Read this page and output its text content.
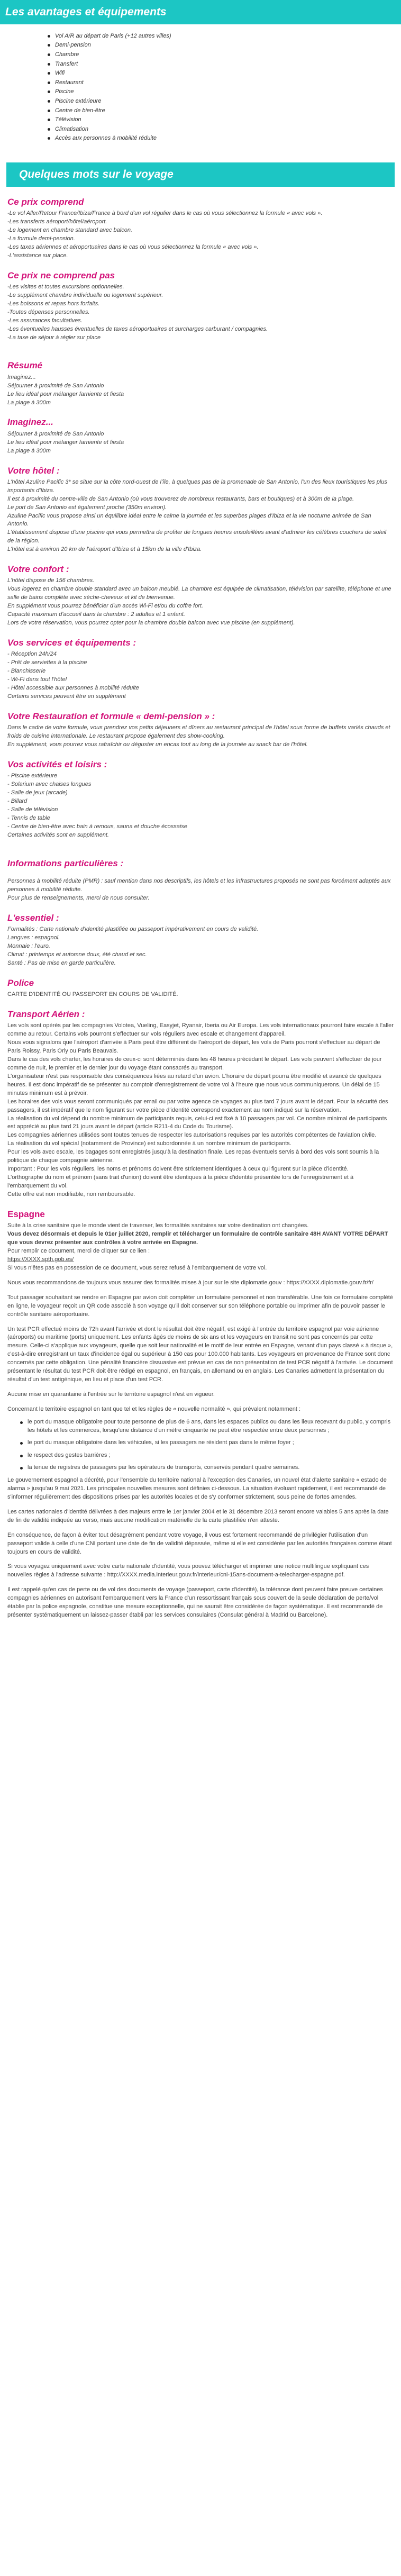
Les avantages et équipements
Vol A/R au départ de Paris (+12 autres villes)
Demi-pension
Chambre
Transfert
Wifi
Restaurant
Piscine
Piscine extérieure
Centre de bien-être
Télévision
Climatisation
Accès aux personnes à mobilité réduite
Quelques mots sur le voyage
Ce prix comprend

-Le vol Aller/Retour France/Ibiza/France à bord d'un vol régulier dans le cas où vous sélectionnez la formule « avec vols ».

-Les transferts aéroport/hôtel/aéroport.

-Le logement en chambre standard avec balcon.

-La formule demi-pension.

-Les taxes aériennes et aéroportuaires dans le cas où vous sélectionnez la formule « avec vols ».

-L'assistance sur place.

Ce prix ne comprend pas

-Les visites et toutes excursions optionnelles.

-Le supplément chambre individuelle ou logement supérieur.

-Les boissons et repas hors forfaits.

-Toutes dépenses personnelles.

-Les assurances facultatives.

-Les éventuelles hausses éventuelles de taxes aéroportuaires et surcharges carburant / compagnies.

-La taxe de séjour à régler sur place

Résumé

Imaginez...

Séjourner à proximité de San Antonio

Le lieu idéal pour mélanger farniente et fiesta

La plage à 300m

Imaginez...

Séjourner à proximité de San Antonio

Le lieu idéal pour mélanger farniente et fiesta

La plage à 300m

Votre hôtel :

L'hôtel Azuline Pacific 3* se situe sur la côte nord-ouest de l'île, à quelques pas de la promenade de San Antonio, l'un des lieux touristiques les plus importants d'Ibiza.

Il est à proximité du centre-ville de San Antonio (où vous trouverez de nombreux restaurants, bars et boutiques) et à 300m de la plage.

Le port de San Antonio est également proche (350m environ).

Azuline Pacific vous propose ainsi un équilibre idéal entre le calme la journée et les superbes plages d'Ibiza et la vie nocturne animée de San Antonio.

L'établissement dispose d'une piscine qui vous permettra de profiter de longues heures ensoleillées avant d'admirer les célèbres couchers de soleil de la région.

L'hôtel est à environ 20 km de l'aéroport d'Ibiza et à 15km de la ville d'Ibiza.

Votre confort :

L'hôtel dispose de 156 chambres.

Vous logerez en chambre double standard avec un balcon meublé. La chambre est équipée de climatisation, télévision par satellite, téléphone et une salle de bains complète avec sèche-cheveux et kit de bienvenue.

En supplément vous pourrez bénéficier d'un accès Wi-Fi et/ou du coffre fort.

Capacité maximum d'accueil dans la chambre : 2 adultes et 1 enfant.

Lors de votre réservation, vous pourrez opter pour la chambre double balcon avec vue piscine (en supplément).

Vos services et équipements :

- Réception 24h/24

- Prêt de serviettes à la piscine

- Blanchisserie

- Wi-Fi dans tout l'hôtel

- Hôtel accessible aux personnes à mobilité réduite

Certains services peuvent être en supplément

Votre Restauration et formule « demi-pension » :

Dans le cadre de votre formule, vous prendrez vos petits déjeuners et dîners au restaurant principal de l'hôtel sous forme de buffets variés chauds et froids de cuisine internationale. Le restaurant propose également des show-cooking.

En supplément, vous pourrez vous rafraîchir ou déguster un encas tout au long de la journée au snack bar de l'hôtel.

Vos activités et loisirs :

- Piscine extérieure

- Solarium avec chaises longues

- Salle de jeux (arcade)

- Billard

- Salle de télévision

- Tennis de table

- Centre de bien-être avec bain à remous, sauna et douche écossaise

Certaines activités sont en supplément.

Informations particulières :

Personnes à mobilité réduite (PMR) : sauf mention dans nos descriptifs, les hôtels et les infrastructures proposés ne sont pas forcément adaptés aux personnes à mobilité réduite.

Pour plus de renseignements, merci de nous consulter.

L'essentiel :

Formalités : Carte nationale d'identité plastifiée ou passeport impérativement en cours de validité.

Langues : espagnol.

Monnaie : l'euro.

Climat : printemps et automne doux, été chaud et sec.

Santé : Pas de mise en garde particulière.

Police

CARTE D'IDENTITÉ OU PASSEPORT EN COURS DE VALIDITÉ.

Transport Aérien :

Les vols sont opérés par les compagnies Volotea, Vueling, Easyjet, Ryanair, Iberia ou Air Europa. Les vols internationaux pourront faire escale à l'aller comme au retour. Certains vols pourront s'effectuer sur vols réguliers avec escale et changement d'appareil.

Nous vous signalons que l'aéroport d'arrivée à Paris peut être différent de l'aéroport de départ, les vols de Paris pourront s'effectuer au départ de Paris Roissy, Paris Orly ou Paris Beauvais.

Dans le cas des vols charter, les horaires de ceux-ci sont déterminés dans les 48 heures précédant le départ. Les vols peuvent s'effectuer de jour comme de nuit, le premier et le dernier jour du voyage étant consacrés au transport.

L'organisateur n'est pas responsable des conséquences liées au retard d'un avion. L'horaire de départ pourra être modifié et avancé de quelques heures. Il est donc impératif de se présenter au comptoir d'enregistrement de votre vol à l'heure que nous vous communiquerons. Un délai de 15 minutes minimum est à prévoir.

Les horaires des vols vous seront communiqués par email ou par votre agence de voyages au plus tard 7 jours avant le départ. Pour la sécurité des passagers, il est impératif que le nom figurant sur votre pièce d'identité correspond exactement au nom indiqué sur la réservation.

La réalisation du vol dépend du nombre minimum de participants requis, celui-ci est fixé à 10 passagers par vol. Ce nombre minimal de participants est apprécié au plus tard 21 jours avant le départ (article R211-4 du Code du Tourisme).

Les compagnies aériennes utilisées sont toutes tenues de respecter les autorisations requises par les autorités compétentes de l'aviation civile.

La réalisation du vol spécial (notamment de Province) est subordonnée à un nombre minimum de participants.

Pour les vols avec escale, les bagages sont enregistrés jusqu'à la destination finale. Les repas éventuels servis à bord des vols sont soumis à la politique de chaque compagnie aérienne.

Important : Pour les vols réguliers, les noms et prénoms doivent être strictement identiques à ceux qui figurent sur la pièce d'identité.

L'orthographe du nom et prénom (sans trait d'union) doivent être identiques à la pièce d'identité présentée lors de l'enregistrement et à l'embarquement du vol.

Cette offre est non modifiable, non remboursable.

Espagne

Suite à la crise sanitaire que le monde vient de traverser, les formalités sanitaires sur votre destination ont changées.

Vous devez désormais et depuis le 01er juillet 2020, remplir et télécharger un formulaire de contrôle sanitaire 48H AVANT VOTRE DÉPART que vous devrez présenter aux contrôles à votre arrivée en Espagne.

Pour remplir ce document, merci de cliquer sur ce lien :

https://XXXX.spth.gob.es/

Si vous n'êtes pas en possession de ce document, vous serez refusé à l'embarquement de votre vol.

Nous vous recommandons de toujours vous assurer des formalités mises à jour sur le site diplomatie.gouv : https://XXXX.diplomatie.gouv.fr/fr/

Tout passager souhaitant se rendre en Espagne par avion doit compléter un formulaire personnel et non transférable. Une fois ce formulaire complété en ligne, le voyageur reçoit un QR code associé à son voyage qu'il doit conserver sur son téléphone portable ou imprimer afin de pouvoir passer le contrôle sanitaire aéroportuaire.

Un test PCR effectué moins de 72h avant l'arrivée et dont le résultat doit être négatif, est exigé à l'entrée du territoire espagnol par voie aérienne (aéroports) ou maritime (ports) uniquement. Les enfants âgés de moins de six ans et les voyageurs en transit ne sont pas concernés par cette mesure. Celle-ci s'applique aux voyageurs, quelle que soit leur nationalité et le motif de leur entrée en Espagne, venant d'un pays classé « à risque », c'est-à-dire enregistrant un taux d'incidence égal ou supérieur à 150 cas pour 100.000 habitants. Les voyageurs en provenance de France sont donc concernés par cette obligation. Une pénalité financière dissuasive est prévue en cas de non présentation de test PCR négatif à l'arrivée. Le document présentant le résultat du test PCR doit être rédigé en espagnol, en français, en allemand ou en anglais. Les Canaries admettent la présentation du résultat d'un test antigénique, en lieu et place d'un test PCR.

Aucune mise en quarantaine à l'entrée sur le territoire espagnol n'est en vigueur.

Concernant le territoire espagnol en tant que tel et les règles de « nouvelle normalité », qui prévalent notamment :

le port du masque obligatoire pour toute personne de plus de 6 ans, dans les espaces publics ou dans les lieux recevant du public, y compris les hôtels et les commerces, lorsqu'une distance d'un mètre cinquante ne peut être respectée entre deux personnes ;
le port du masque obligatoire dans les véhicules, si les passagers ne résident pas dans le même foyer ;
le respect des gestes barrières ;
la tenue de registres de passagers par les opérateurs de transports, conservés pendant quatre semaines.

Le gouvernement espagnol a décrété, pour l'ensemble du territoire national à l'exception des Canaries, un nouvel état d'alerte sanitaire « estado de alarma » jusqu'au 9 mai 2021. Les principales nouvelles mesures sont définies ci-dessous. La situation évoluant rapidement, il est recommandé de s'informer régulièrement des dispositions prises par les autorités locales et de s'y conformer strictement, sous peine de fortes amendes.

Les cartes nationales d'identité délivrées à des majeurs entre le 1er janvier 2004 et le 31 décembre 2013 seront encore valables 5 ans après la date de fin de validité indiquée au verso, mais aucune modification matérielle de la carte plastifiée n'en atteste.

En conséquence, de façon à éviter tout désagrément pendant votre voyage, il vous est fortement recommandé de privilégier l'utilisation d'un passeport valide à celle d'une CNI portant une date de fin de validité dépassée, même si elle est considérée par les autorités françaises comme étant toujours en cours de validité.

Si vous voyagez uniquement avec votre carte nationale d'identité, vous pouvez télécharger et imprimer une notice multilingue expliquant ces nouvelles règles à l'adresse suivante : http://XXXX.media.interieur.gouv.fr/interieur/cni-15ans-document-a-telecharger-espagne.pdf.

Il est rappelé qu'en cas de perte ou de vol des documents de voyage (passeport, carte d'identité), la tolérance dont peuvent faire preuve certaines compagnies aériennes en autorisant l'embarquement vers la France d'un ressortissant français sous couvert de la seule déclaration de perte/vol établie par la police espagnole, constitue une mesure exceptionnelle, qui ne saurait être considérée de façon systématique. Il est recommandé de présenter systématiquement un laissez-passer établi par les services consulaires (Consulat général à Madrid ou Barcelone).
